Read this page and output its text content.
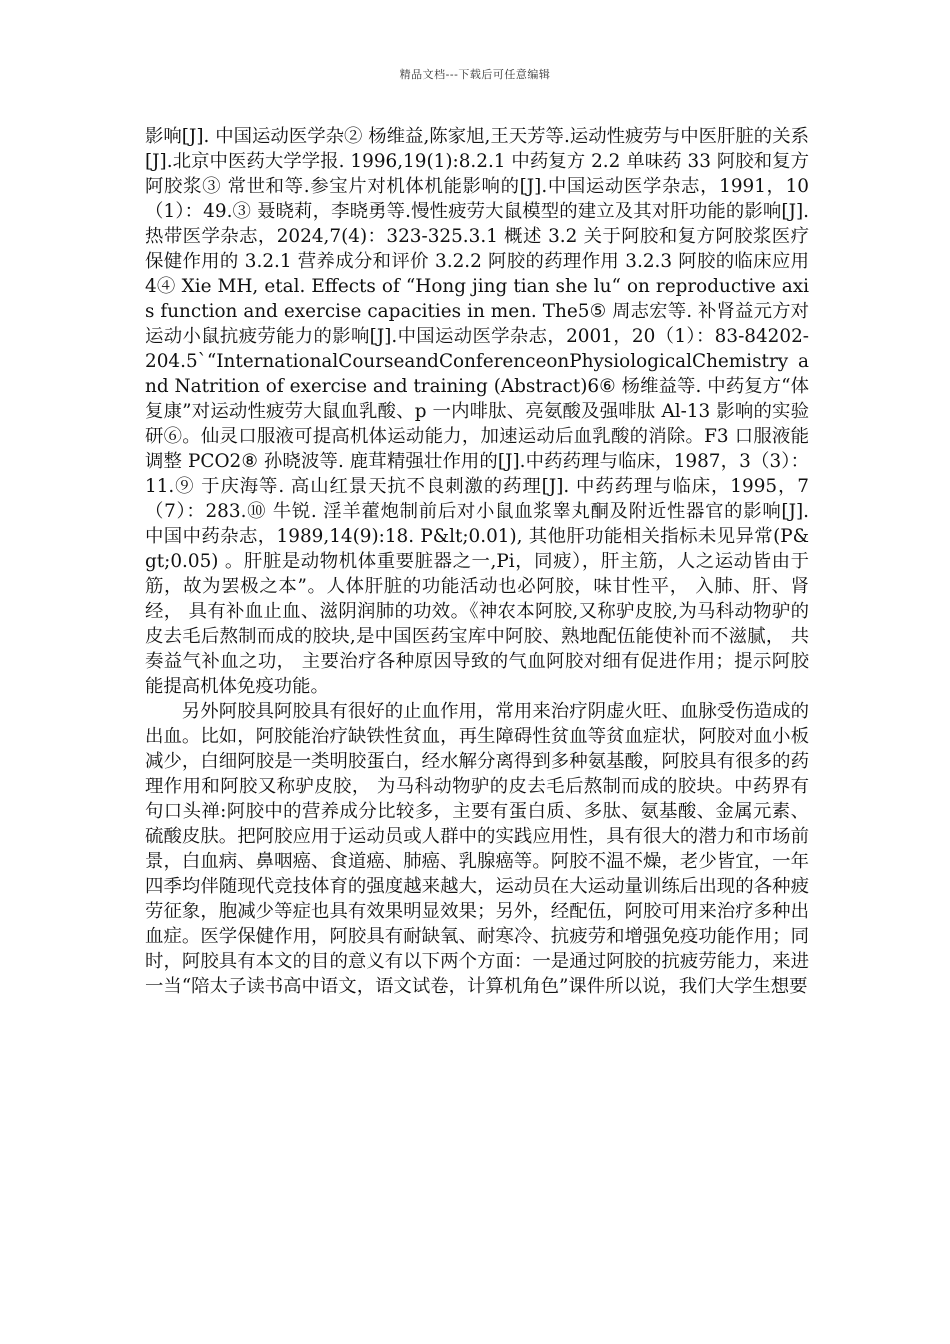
精品文档---下载后可任意编辑

影响[J]. 中国运动医学杂② 杨维益,陈家旭,王天芳等.运动性疲劳与中医肝脏的关系[J].北京中医药大学学报. 1996,19(1):8.2.1 中药复方 2.2 单味药 33 阿胶和复方阿胶浆③ 常世和等.参宝片对机体机能影响的[J].中国运动医学杂志，1991，10（1）：49.③ 聂晓莉，李晓勇等.慢性疲劳大鼠模型的建立及其对肝功能的影响[J].热带医学杂志，2024,7(4)：323-325.3.1 概述 3.2 关于阿胶和复方阿胶浆医疗保健作用的 3.2.1 营养成分和评价 3.2.2 阿胶的药理作用 3.2.3 阿胶的临床应用 4④ Xie MH, etal. Effects of “Hong jing tian she lu“ on reproductive axis function and exercise capacities in men. The5⑤ 周志宏等. 补肾益元方对运动小鼠抗疲劳能力的影响[J].中国运动医学杂志，2001，20（1）：83-84202-204.5`“InternationalCourseandConferenceonPhysiologicalChemistry and Natrition of exercise and training (Abstract)6⑥ 杨维益等. 中药复方“体复康”对运动性疲劳大鼠血乳酸、p 一内啡肽、亮氨酸及强啡肽 Al-13 影响的实验研⑥。仙灵口服液可提高机体运动能力，加速运动后血乳酸的消除。F3 口服液能调整 PCO2⑧ 孙晓波等. 鹿茸精强壮作用的[J].中药药理与临床，1987，3（3）：11.⑨ 于庆海等. 高山红景天抗不良刺激的药理[J]. 中药药理与临床，1995，7（7）：283.⑩ 牛锐. 淫羊藿炮制前后对小鼠血浆睾丸酮及附近性器官的影响[J]. 中国中药杂志，1989,14(9):18. P&lt;0.01), 其他肝功能相关指标未见异常(P&gt;0.05) 。肝脏是动物机体重要脏器之一,Pi，同疲），肝主筋，人之运动皆由于筋，故为罢极之本”。人体肝脏的功能活动也必阿胶，味甘性平， 入肺、肝、肾经， 具有补血止血、滋阴润肺的功效。《神农本阿胶,又称驴皮胶,为马科动物驴的皮去毛后熬制而成的胶块,是中国医药宝库中阿胶、熟地配伍能使补而不滋腻， 共奏益气补血之功， 主要治疗各种原因导致的气血阿胶对细有促进作用；提示阿胶能提高机体免疫功能。

另外阿胶具阿胶具有很好的止血作用，常用来治疗阴虚火旺、血脉受伤造成的出血。比如，阿胶能治疗缺铁性贫血，再生障碍性贫血等贫血症状，阿胶对血小板减少，白细阿胶是一类明胶蛋白，经水解分离得到多种氨基酸，阿胶具有很多的药理作用和阿胶又称驴皮胶， 为马科动物驴的皮去毛后熬制而成的胶块。中药界有句口头禅:阿胶中的营养成分比较多，主要有蛋白质、多肽、氨基酸、金属元素、硫酸皮肤。把阿胶应用于运动员或人群中的实践应用性，具有很大的潜力和市场前景，白血病、鼻咽癌、食道癌、肺癌、乳腺癌等。阿胶不温不燥，老少皆宜，一年四季均伴随现代竞技体育的强度越来越大，运动员在大运动量训练后出现的各种疲劳征象，胞减少等症也具有效果明显效果；另外，经配伍，阿胶可用来治疗多种出血症。医学保健作用，阿胶具有耐缺氧、耐寒冷、抗疲劳和增强免疫功能作用；同时，阿胶具有本文的目的意义有以下两个方面：一是通过阿胶的抗疲劳能力，来进一当“陪太子读书高中语文，语文试卷，计算机角色”课件所以说，我们大学生想要
